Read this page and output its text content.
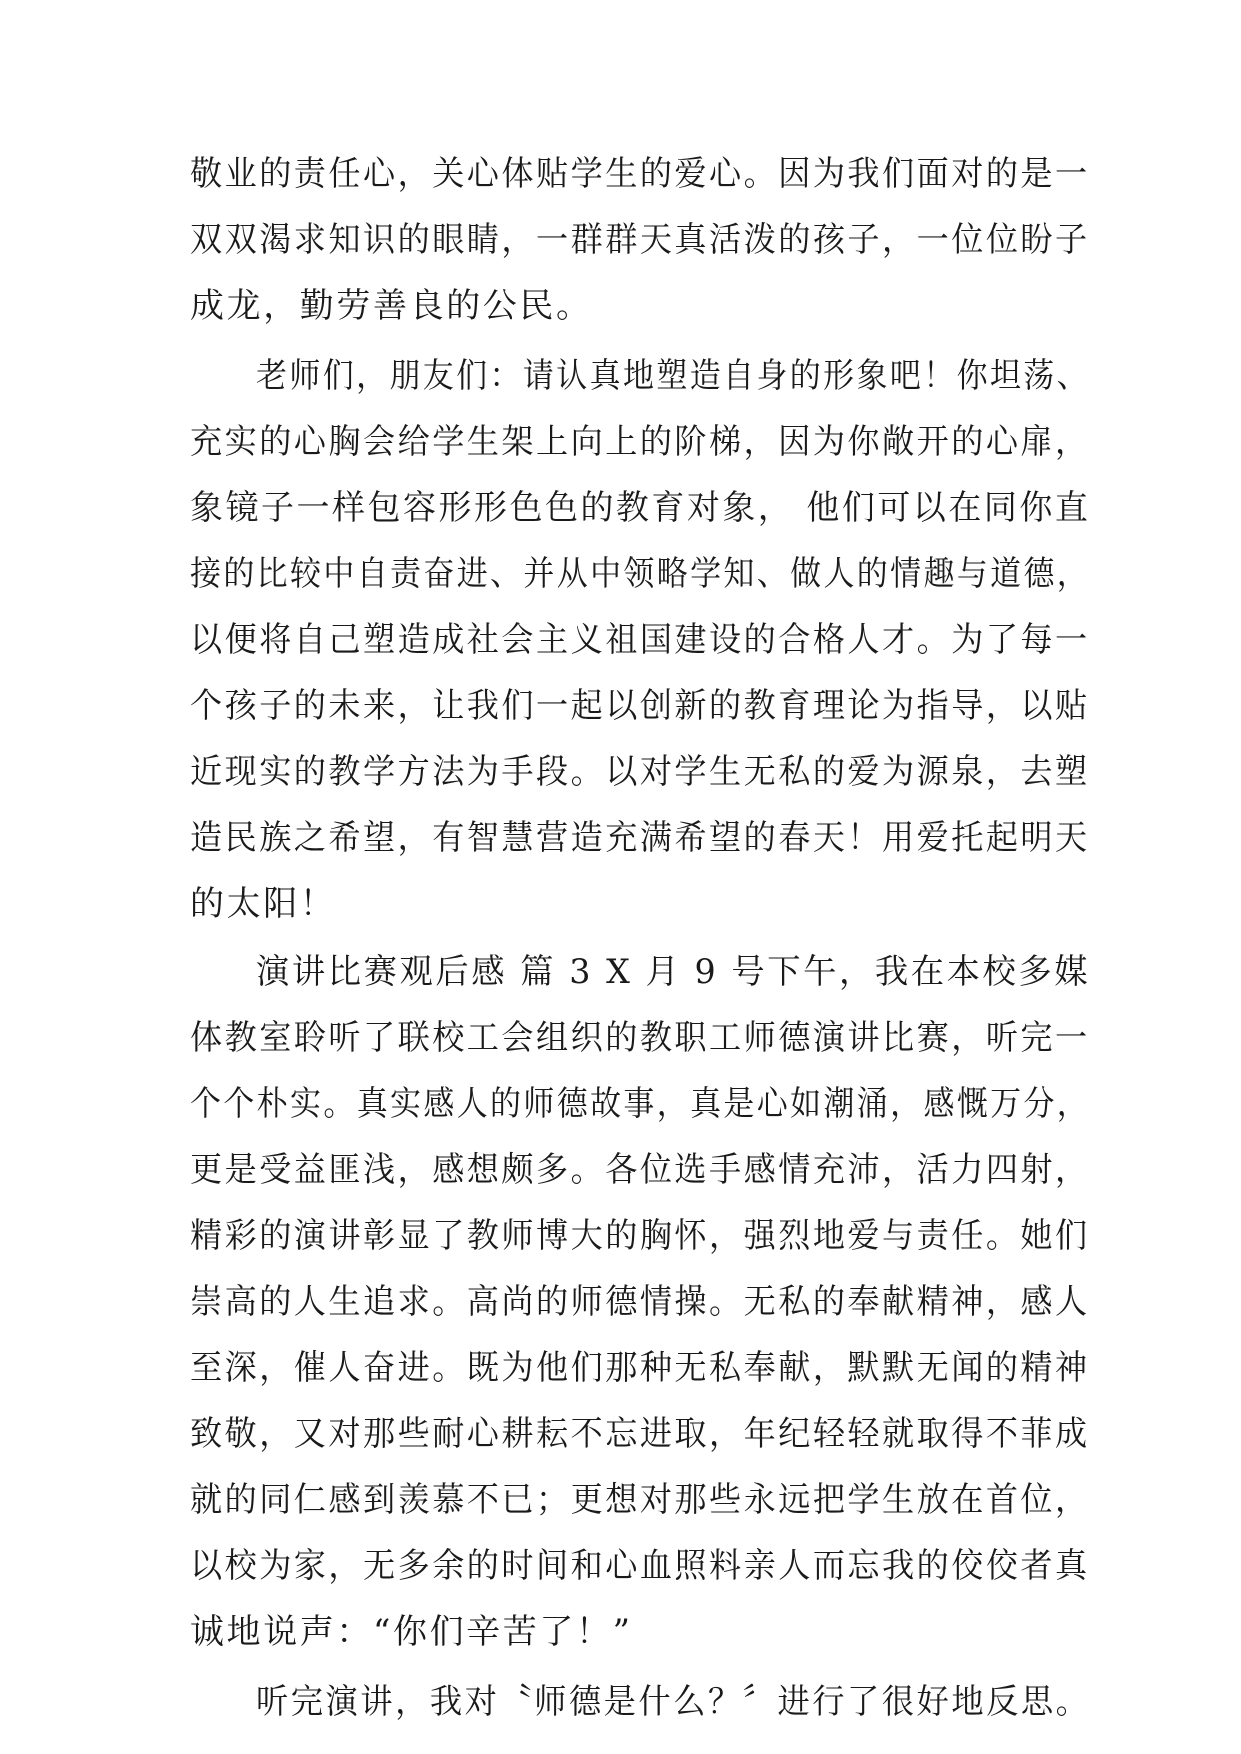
敬业的责任心，关心体贴学生的爱心。因为我们面对的是一
双双渴求知识的眼睛，一群群天真活泼的孩子，一位位盼子
成龙，勤劳善良的公民。
老师们，朋友们：请认真地塑造自身的形象吧！你坦荡、
充实的心胸会给学生架上向上的阶梯，因为你敞开的心扉，
象镜子一样包容形形色色的教育对象， 他们可以在同你直
接的比较中自责奋进、并从中领略学知、做人的情趣与道德，
以便将自己塑造成社会主义祖国建设的合格人才。为了每一
个孩子的未来，让我们一起以创新的教育理论为指导，以贴
近现实的教学方法为手段。以对学生无私的爱为源泉，去塑
造民族之希望，有智慧营造充满希望的春天！用爱托起明天
的太阳！
演讲比赛观后感 篇 3 X 月 9 号下午，我在本校多媒
体教室聆听了联校工会组织的教职工师德演讲比赛，听完一
个个朴实。真实感人的师德故事，真是心如潮涌，感慨万分，
更是受益匪浅，感想颇多。各位选手感情充沛，活力四射，
精彩的演讲彰显了教师博大的胸怀，强烈地爱与责任。她们
崇高的人生追求。高尚的师德情操。无私的奉献精神，感人
至深，催人奋进。既为他们那种无私奉献，默默无闻的精神
致敬，又对那些耐心耕耘不忘进取，年纪轻轻就取得不菲成
就的同仁感到羡慕不已；更想对那些永远把学生放在首位，
以校为家，无多余的时间和心血照料亲人而忘我的佼佼者真
诚地说声：“你们辛苦了！”
听完演讲，我对〝师德是什么？〞进行了很好地反思。
